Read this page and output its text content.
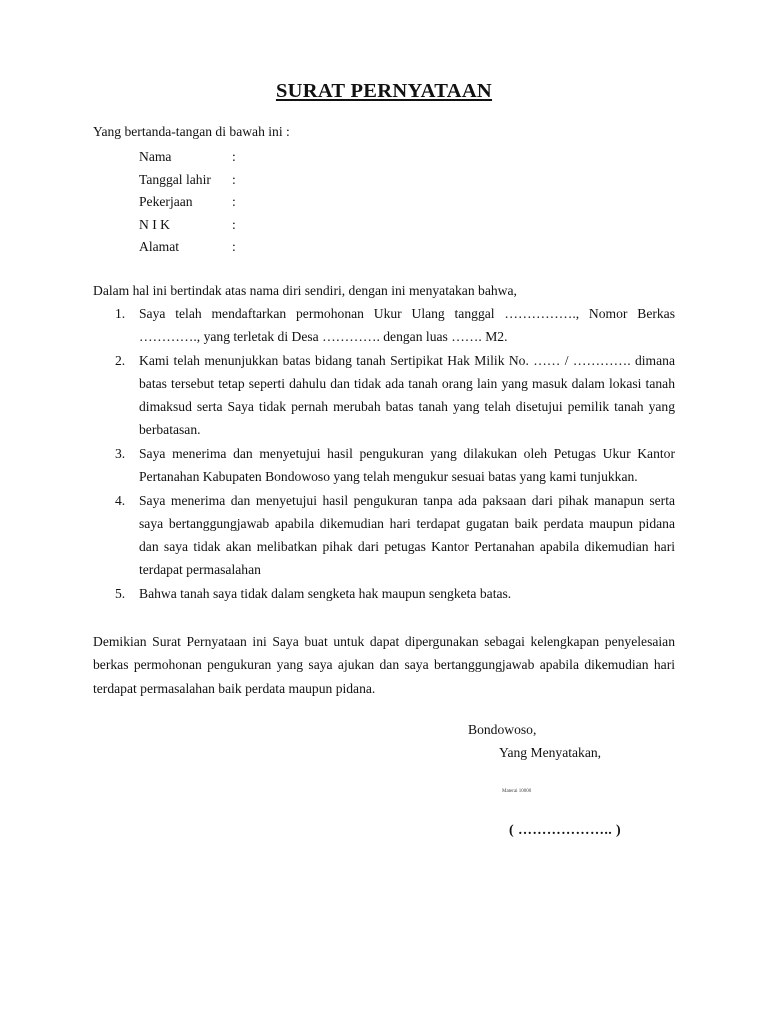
SURAT PERNYATAAN
Yang bertanda-tangan di bawah ini :
Nama	:
Tanggal lahir :
Pekerjaan	:
N I K	:
Alamat	:
Dalam hal ini bertindak atas nama diri sendiri, dengan ini menyatakan bahwa,
1. Saya telah mendaftarkan permohonan Ukur Ulang tanggal ……………., Nomor Berkas …………., yang terletak di Desa …………. dengan luas ……. M2.
2. Kami telah menunjukkan batas bidang tanah Sertipikat Hak Milik No. …… / …………. dimana batas tersebut tetap seperti dahulu dan tidak ada tanah orang lain yang masuk dalam lokasi tanah dimaksud serta Saya tidak pernah merubah batas tanah yang telah disetujui pemilik tanah yang berbatasan.
3. Saya menerima dan menyetujui hasil pengukuran yang dilakukan oleh Petugas Ukur Kantor Pertanahan Kabupaten Bondowoso yang telah mengukur sesuai batas yang kami tunjukkan.
4. Saya menerima dan menyetujui hasil pengukuran tanpa ada paksaan dari pihak manapun serta saya bertanggungjawab apabila dikemudian hari terdapat gugatan baik perdata maupun pidana dan saya tidak akan melibatkan pihak dari petugas Kantor Pertanahan apabila dikemudian hari terdapat permasalahan
5. Bahwa tanah saya tidak dalam sengketa hak maupun sengketa batas.
Demikian Surat Pernyataan ini Saya buat untuk dapat dipergunakan sebagai kelengkapan penyelesaian berkas permohonan pengukuran yang saya ajukan dan saya bertanggungjawab apabila dikemudian hari terdapat permasalahan baik perdata maupun pidana.
Bondowoso,
Yang Menyatakan,
Materai 10000
( ……………….. )
